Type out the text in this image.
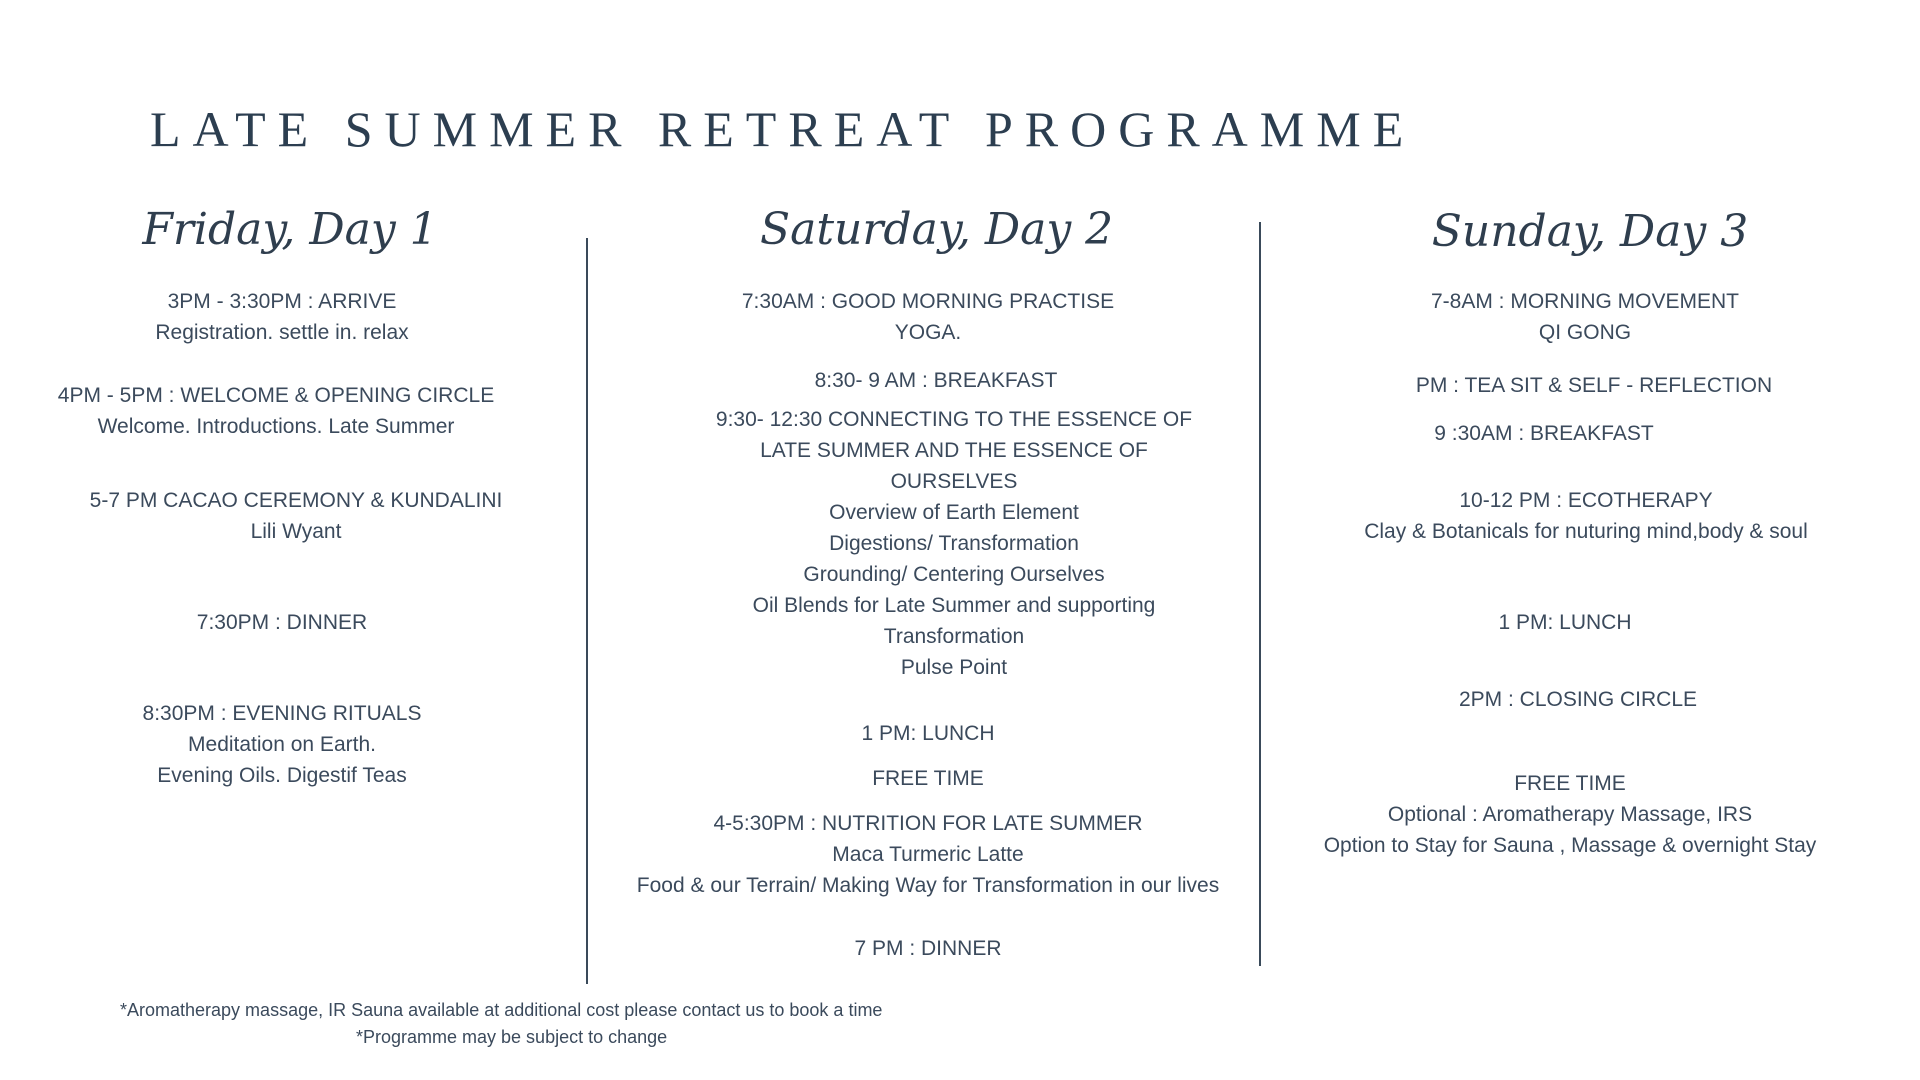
LATE SUMMER RETREAT PROGRAMME
Friday, Day 1	Saturday, Day 2	Sunday, Day 3
3PM - 3:30PM : ARRIVE
Registration. settle in. relax
4PM - 5PM : WELCOME & OPENING CIRCLE
Welcome. Introductions. Late Summer
5-7 PM CACAO CEREMONY & KUNDALINI
Lili Wyant
7:30PM : DINNER
8:30PM : EVENING RITUALS
Meditation on Earth.
Evening Oils. Digestif Teas
7:30AM : GOOD MORNING PRACTISE
YOGA.
8:30- 9 AM : BREAKFAST
9:30- 12:30 CONNECTING TO THE ESSENCE OF
LATE SUMMER AND THE ESSENCE OF
OURSELVES
Overview of Earth Element
Digestions/ Transformation
Grounding/ Centering Ourselves
Oil Blends for Late Summer and supporting
Transformation
Pulse Point
1 PM: LUNCH
FREE TIME
4-5:30PM : NUTRITION FOR LATE SUMMER
Maca Turmeric Latte
Food & our Terrain/ Making Way for Transformation in our lives
7 PM : DINNER
7-8AM : MORNING MOVEMENT
QI GONG
PM : TEA SIT & SELF - REFLECTION
9 :30AM : BREAKFAST
10-12 PM : ECOTHERAPY
Clay & Botanicals for nuturing mind,body & soul
1 PM: LUNCH
2PM : CLOSING CIRCLE
FREE TIME
Optional : Aromatherapy Massage, IRS
Option to Stay for Sauna , Massage & overnight Stay
*Aromatherapy massage, IR Sauna available at additional cost please contact us to book a time
*Programme may be subject to change
